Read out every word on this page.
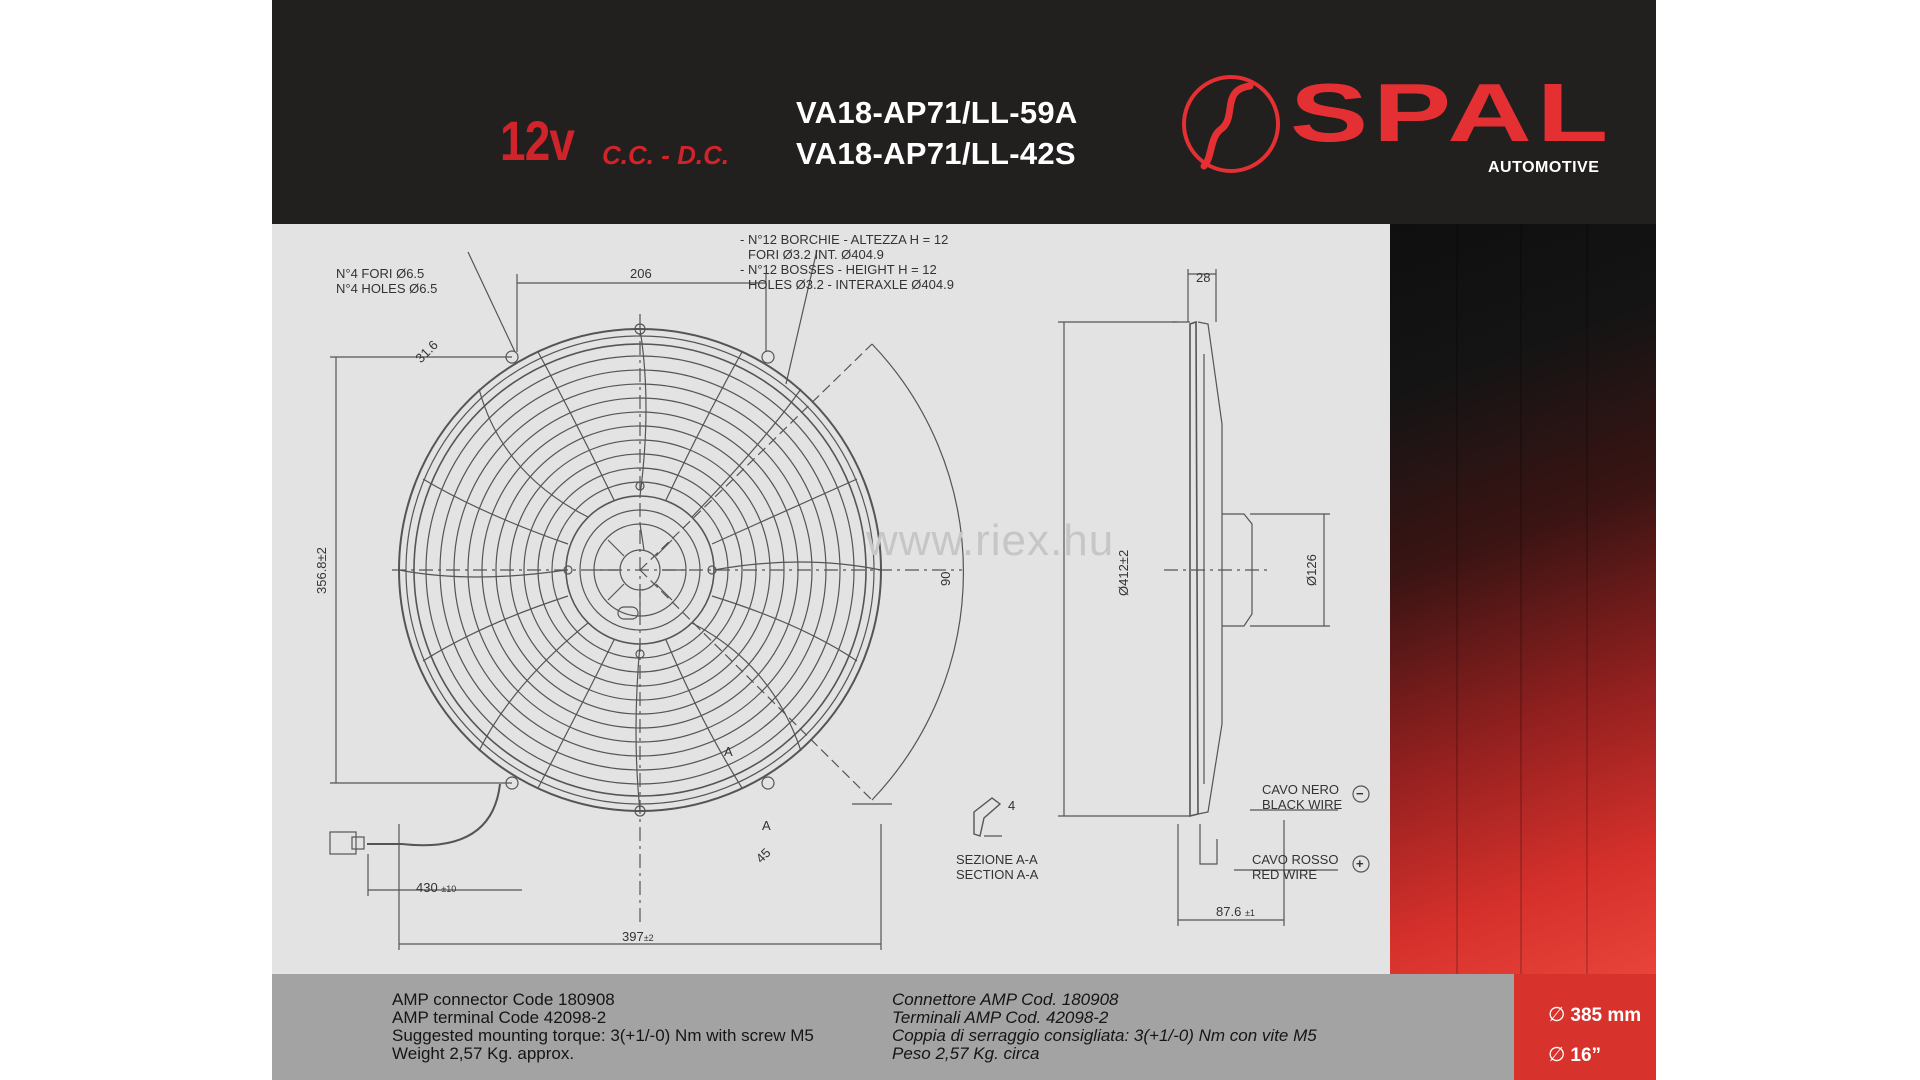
12v C.C. - D.C.
VA18-AP71/LL-59A
VA18-AP71/LL-42S SPAL
AUTOMOTIVE
N°4 FORI Ø6.5
N°4 HOLES Ø6.5
- N°12 BORCHIE - ALTEZZA H = 12
FORI Ø3.2 INT. Ø404.9
- N°12 BOSSES - HEIGHT H = 12
HOLES Ø3.2 - INTERAXLE Ø404.9
206
31.6
356.8±2
90
45
430 ±10
397±2
28
Ø412±2	Ø126
87.6 ±1
4
A
A
SEZIONE A-A
SECTION A-A
CAVO NERO
BLACK WIRE
−
CAVO ROSSO
RED WIRE
+
www.riex.hu
AMP connector Code 180908
AMP terminal Code 42098-2
Suggested mounting torque: 3(+1/-0) Nm with screw M5
Weight 2,57 Kg. approx.
Connettore AMP Cod. 180908
Terminali AMP Cod. 42098-2
Coppia di serraggio consigliata: 3(+1/-0) Nm con vite M5
Peso 2,57 Kg. circa
∅ 385 mm
∅ 16”
